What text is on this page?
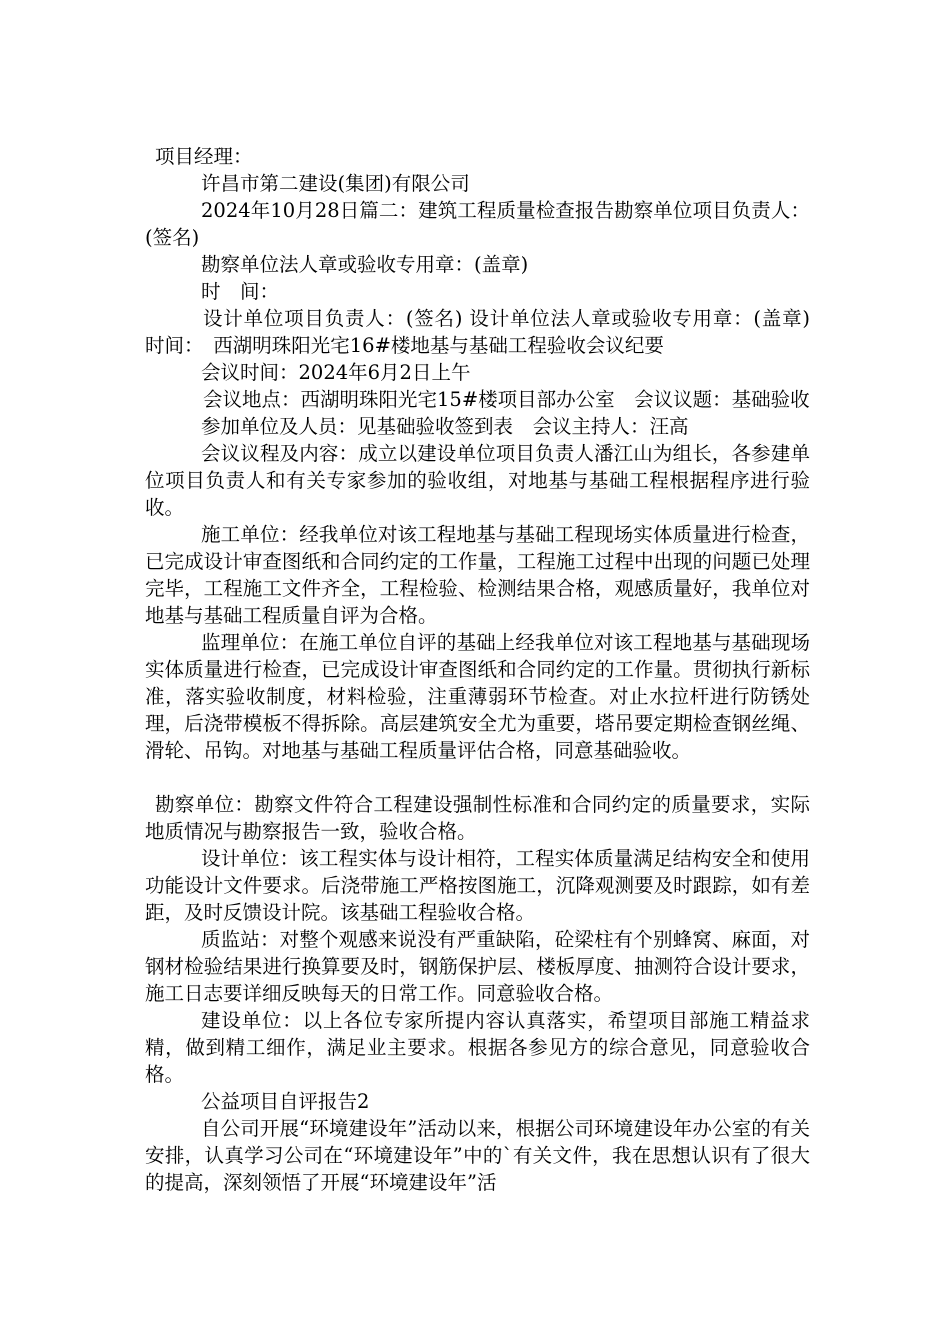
项目经理：

许昌市第二建设(集团)有限公司

2024年10月28日篇二：建筑工程质量检查报告勘察单位项目负责人：(签名)

勘察单位法人章或验收专用章：(盖章)

时　间：

设计单位项目负责人：(签名) 设计单位法人章或验收专用章：(盖章) 时间：　西湖明珠阳光宅16#楼地基与基础工程验收会议纪要

会议时间：2024年6月2日上午

会议地点：西湖明珠阳光宅15#楼项目部办公室　会议议题：基础验收

参加单位及人员：见基础验收签到表　会议主持人：汪高

会议议程及内容：成立以建设单位项目负责人潘江山为组长，各参建单位项目负责人和有关专家参加的验收组，对地基与基础工程根据程序进行验收。

施工单位：经我单位对该工程地基与基础工程现场实体质量进行检查，已完成设计审查图纸和合同约定的工作量，工程施工过程中出现的问题已处理完毕，工程施工文件齐全，工程检验、检测结果合格，观感质量好，我单位对地基与基础工程质量自评为合格。

监理单位：在施工单位自评的基础上经我单位对该工程地基与基础现场实体质量进行检查，已完成设计审查图纸和合同约定的工作量。贯彻执行新标准，落实验收制度，材料检验，注重薄弱环节检查。对止水拉杆进行防锈处理，后浇带模板不得拆除。高层建筑安全尤为重要，塔吊要定期检查钢丝绳、滑轮、吊钩。对地基与基础工程质量评估合格，同意基础验收。

勘察单位：勘察文件符合工程建设强制性标准和合同约定的质量要求，实际地质情况与勘察报告一致，验收合格。

设计单位：该工程实体与设计相符，工程实体质量满足结构安全和使用功能设计文件要求。后浇带施工严格按图施工，沉降观测要及时跟踪，如有差距，及时反馈设计院。该基础工程验收合格。

质监站：对整个观感来说没有严重缺陷，砼梁柱有个别蜂窝、麻面，对钢材检验结果进行换算要及时，钢筋保护层、楼板厚度、抽测符合设计要求，施工日志要详细反映每天的日常工作。同意验收合格。

建设单位：以上各位专家所提内容认真落实，希望项目部施工精益求精，做到精工细作，满足业主要求。根据各参见方的综合意见，同意验收合格。

公益项目自评报告2

自公司开展“环境建设年”活动以来，根据公司环境建设年办公室的有关安排，认真学习公司在“环境建设年”中的`有关文件，我在思想认识有了很大的提高，深刻领悟了开展“环境建设年”活
